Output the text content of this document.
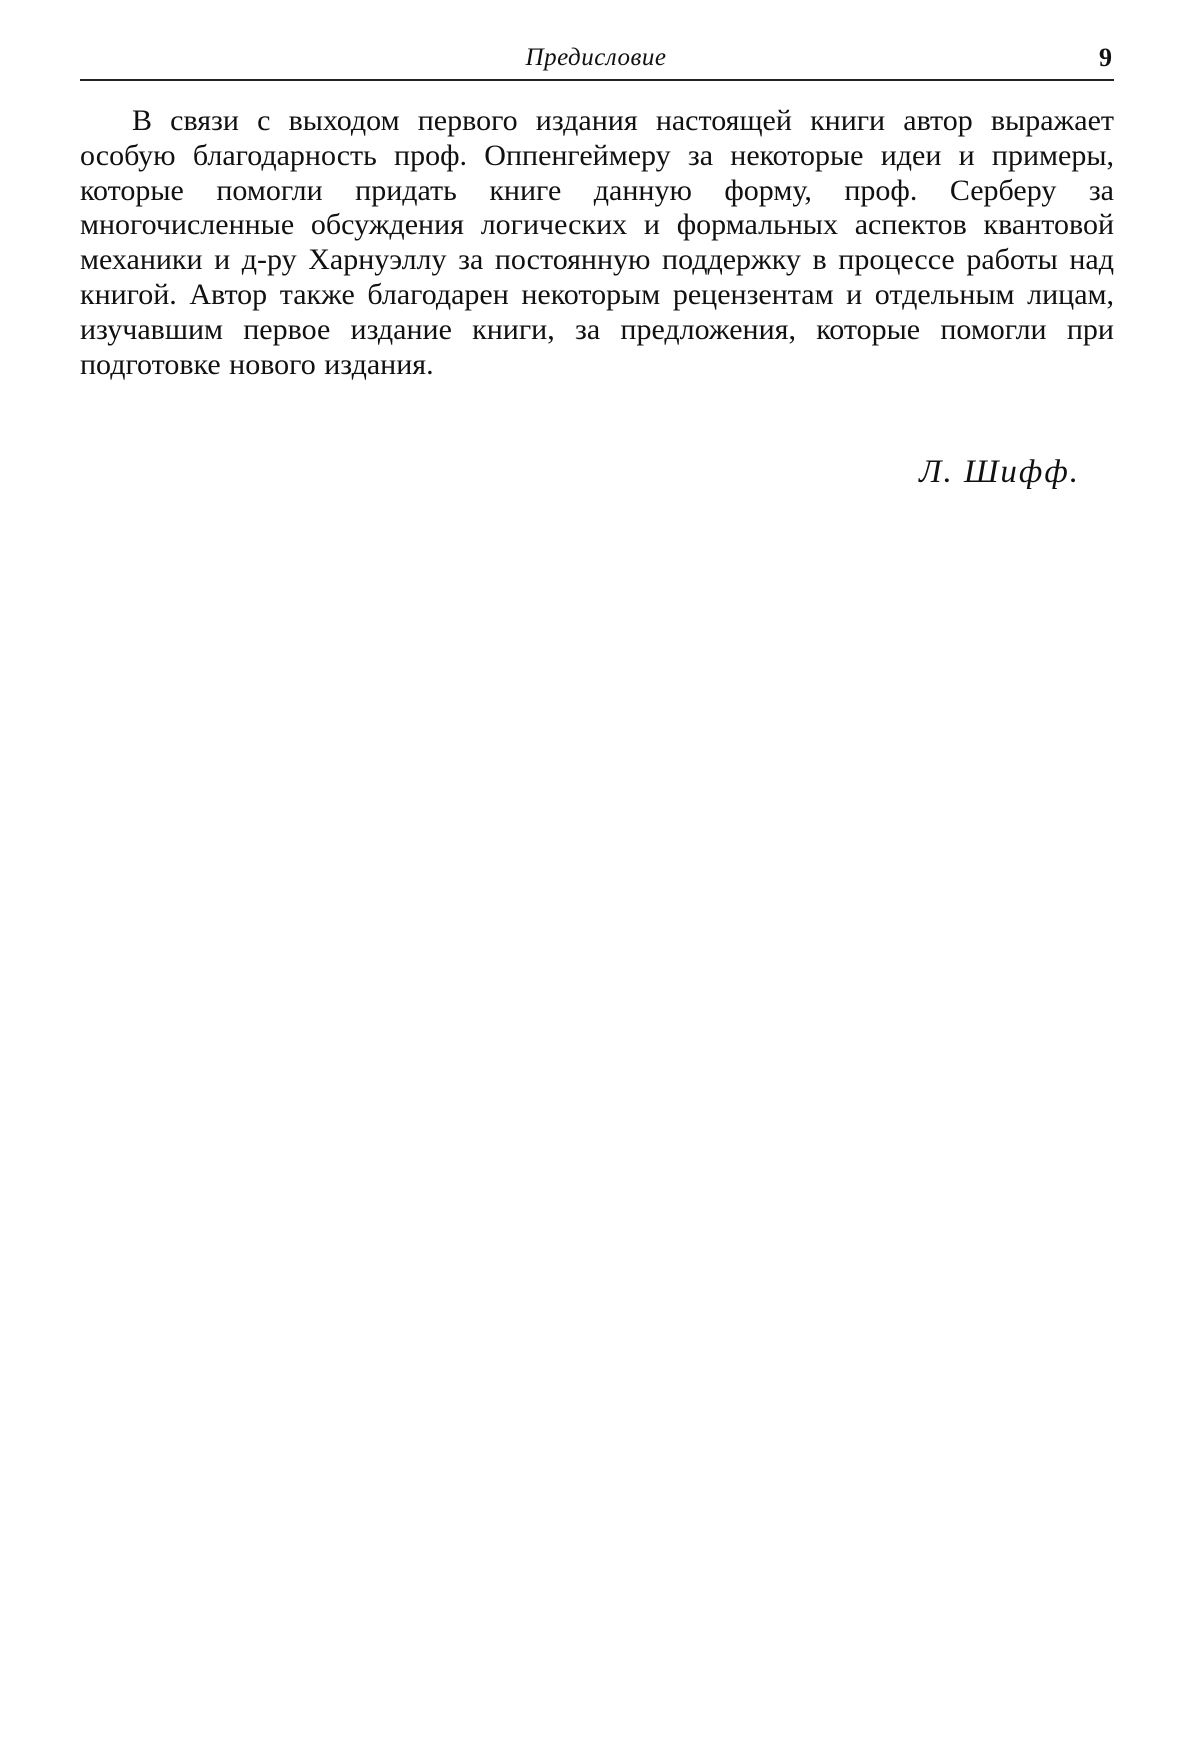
Предисловие	9

В связи с выходом первого издания настоящей книги автор выражает особую благодарность проф. Оппенгеймеру за некоторые идеи и примеры, которые помогли придать книге данную форму, проф. Серберу за многочисленные обсуждения логических и формальных аспектов квантовой механики и д-ру Харнуэллу за постоянную поддержку в процессе работы над книгой. Автор также благодарен некоторым рецензентам и отдельным лицам, изучавшим первое издание книги, за предложения, которые помогли при подготовке нового издания.

Л. Шифф.
